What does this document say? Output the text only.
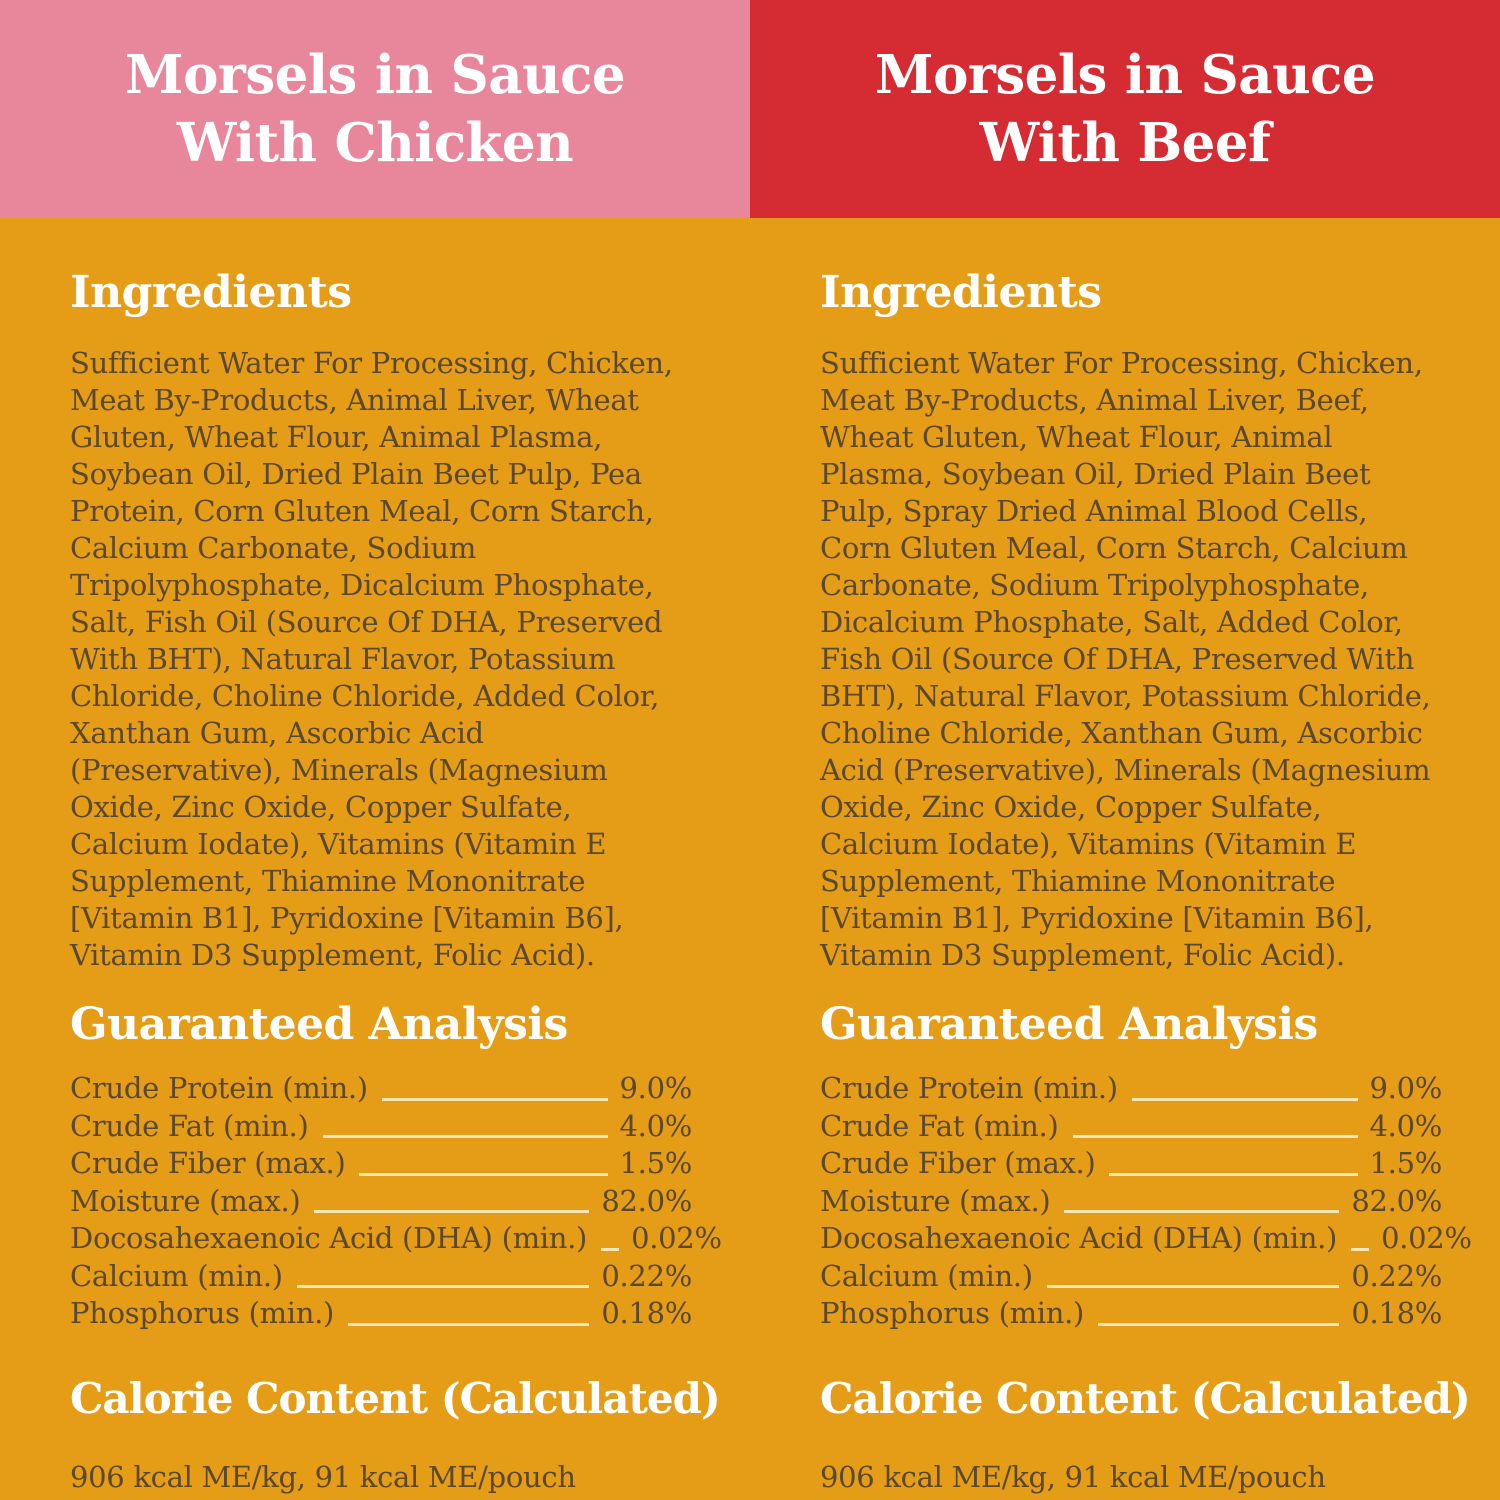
Morsels in Sauce
With Chicken
Ingredients

Sufficient Water For Processing, Chicken, Meat By-Products, Animal Liver, Wheat Gluten, Wheat Flour, Animal Plasma, Soybean Oil, Dried Plain Beet Pulp, Pea Protein, Corn Gluten Meal, Corn Starch, Calcium Carbonate, Sodium Tripolyphosphate, Dicalcium Phosphate, Salt, Fish Oil (Source Of DHA, Preserved With BHT), Natural Flavor, Potassium Chloride, Choline Chloride, Added Color, Xanthan Gum, Ascorbic Acid (Preservative), Minerals (Magnesium Oxide, Zinc Oxide, Copper Sulfate, Calcium Iodate), Vitamins (Vitamin E Supplement, Thiamine Mononitrate [Vitamin B1], Pyridoxine [Vitamin B6], Vitamin D3 Supplement, Folic Acid).

Guaranteed Analysis
Crude Protein (min.)	9.0%
Crude Fat (min.)	4.0%
Crude Fiber (max.)	1.5%
Moisture (max.)	82.0%
Docosahexaenoic Acid (DHA) (min.) 0.02%
Calcium (min.)	0.22%
Phosphorus (min.)	0.18%
Calorie Content (Calculated)

906 kcal ME/kg, 91 kcal ME/pouch

Morsels in Sauce
With Beef
Ingredients

Sufficient Water For Processing, Chicken, Meat By-Products, Animal Liver, Beef, Wheat Gluten, Wheat Flour, Animal Plasma, Soybean Oil, Dried Plain Beet Pulp, Spray Dried Animal Blood Cells, Corn Gluten Meal, Corn Starch, Calcium Carbonate, Sodium Tripolyphosphate, Dicalcium Phosphate, Salt, Added Color, Fish Oil (Source Of DHA, Preserved With BHT), Natural Flavor, Potassium Chloride, Choline Chloride, Xanthan Gum, Ascorbic Acid (Preservative), Minerals (Magnesium Oxide, Zinc Oxide, Copper Sulfate, Calcium Iodate), Vitamins (Vitamin E Supplement, Thiamine Mononitrate [Vitamin B1], Pyridoxine [Vitamin B6], Vitamin D3 Supplement, Folic Acid).

Guaranteed Analysis
Crude Protein (min.)	9.0%
Crude Fat (min.)	4.0%
Crude Fiber (max.)	1.5%
Moisture (max.)	82.0%
Docosahexaenoic Acid (DHA) (min.) 0.02%
Calcium (min.)	0.22%
Phosphorus (min.)	0.18%
Calorie Content (Calculated)

906 kcal ME/kg, 91 kcal ME/pouch
